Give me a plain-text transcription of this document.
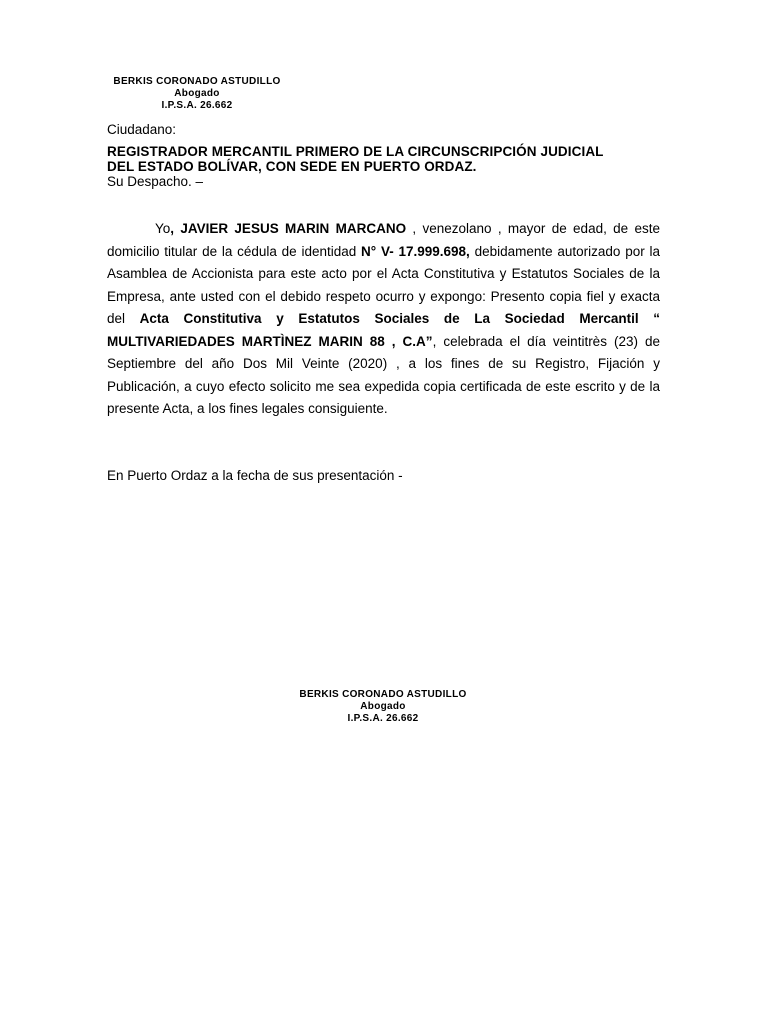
BERKIS CORONADO ASTUDILLO
Abogado
I.P.S.A. 26.662
Ciudadano:
REGISTRADOR MERCANTIL PRIMERO DE LA CIRCUNSCRIPCIÓN JUDICIAL
DEL ESTADO BOLÍVAR, CON SEDE EN PUERTO ORDAZ.
Su Despacho. –
Yo, JAVIER JESUS MARIN MARCANO , venezolano , mayor de edad, de este domicilio titular de la cédula de identidad N° V- 17.999.698, debidamente autorizado por la Asamblea de Accionista para este acto por el Acta Constitutiva y Estatutos Sociales de la Empresa, ante usted con el debido respeto ocurro y expongo: Presento copia fiel y exacta del Acta Constitutiva y Estatutos Sociales de La Sociedad Mercantil “ MULTIVARIEDADES MARTÌNEZ MARIN 88 , C.A”, celebrada el día veintitrès (23) de Septiembre del año Dos Mil Veinte (2020) , a los fines de su Registro, Fijación y Publicación, a cuyo efecto solicito me sea expedida copia certificada de este escrito y de la presente Acta, a los fines legales consiguiente.
En Puerto Ordaz a la fecha de sus presentación -
BERKIS CORONADO ASTUDILLO
Abogado
I.P.S.A. 26.662
